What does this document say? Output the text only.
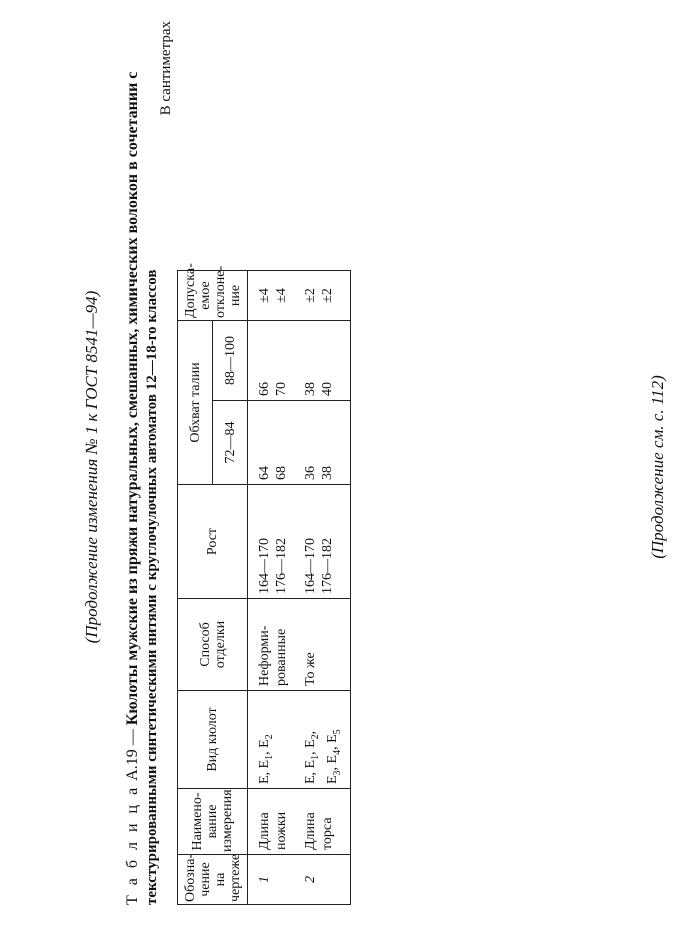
(Продолжение изменения № 1 к ГОСТ 8541—94)
Т а б л и ц а А.19 — Кюлоты мужские из пряжи натуральных, смешанных, химических волокон в сочетании с текстурированными синтетическими нитями с круглочулочных автоматов 12—18-го классов
В сантиметрах
Обозна-чение на чертеже	Наимено-вание измерения	Вид кюлот	Способ отделки	Рост	Обхват талии		Допуска-емое отклоне-ние
					72—84	88—100	
1	Длина ножки	Е, $Е_1$, $Е_2$	Неформи-рованные	164—170 176—182	64 68	66 70	±4 ±4

2	Длина торса	Е, $Е_1$, $Е_2$,
$Е_3$, $Е_4$, $Е_5$	То же	164—170 176—182	36 38	38 40	±2 ±2
(Продолжение см. с. 112)
